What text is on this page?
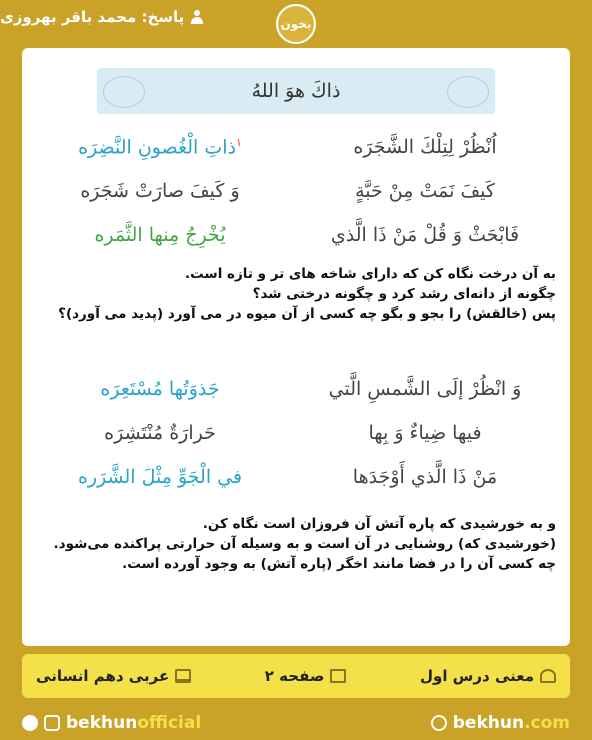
پاسخ: محمد باقر بهروزی	بخون
ذاكَ هوَ اللهُ
اُنْظُرْ لِتِلْكَ الشَّجَرَه
$^١$ذاتِ الْغُصونِ النَّضِرَه
كَيفَ نَمَتْ مِنْ حَبَّةٍ
وَ كَيفَ صارَتْ شَجَرَه
فَابْحَثْ وَ قُلْ مَنْ ذَا الَّذي
يُخْرِجُ مِنها الثَّمَره
به آن درخت نگاه کن که دارای شاخه های تر و تازه است.
چگونه از دانه‌ای رشد کرد و چگونه درختی شد؟
پس (خالقش) را بجو و بگو چه کسی از آن میوه در می آورد (پدید می آورد)؟
وَ انْظُرْ إلَى الشَّمسِ الَّتي
جَذوَتُها مُسْتَعِرَه
فيها ضِياءٌ وَ بِها
حَرارَةٌ مُنْتَشِرَه
مَنْ ذَا الَّذي أَوْجَدَها
في الْجَوِّ مِثْلَ الشَّرَره
و به خورشیدی که پاره آتش آن فروزان است نگاه کن.
(خورشیدی که) روشنایی در آن است و به وسیله آن حرارتی پراکنده می‌شود.
چه کسی آن را در فضا مانند اخگر (پاره آتش) به وجود آورده است.
معنی درس اول
صفحه ۲
عربی دهم انسانی
bekhun official	bekhun .com
